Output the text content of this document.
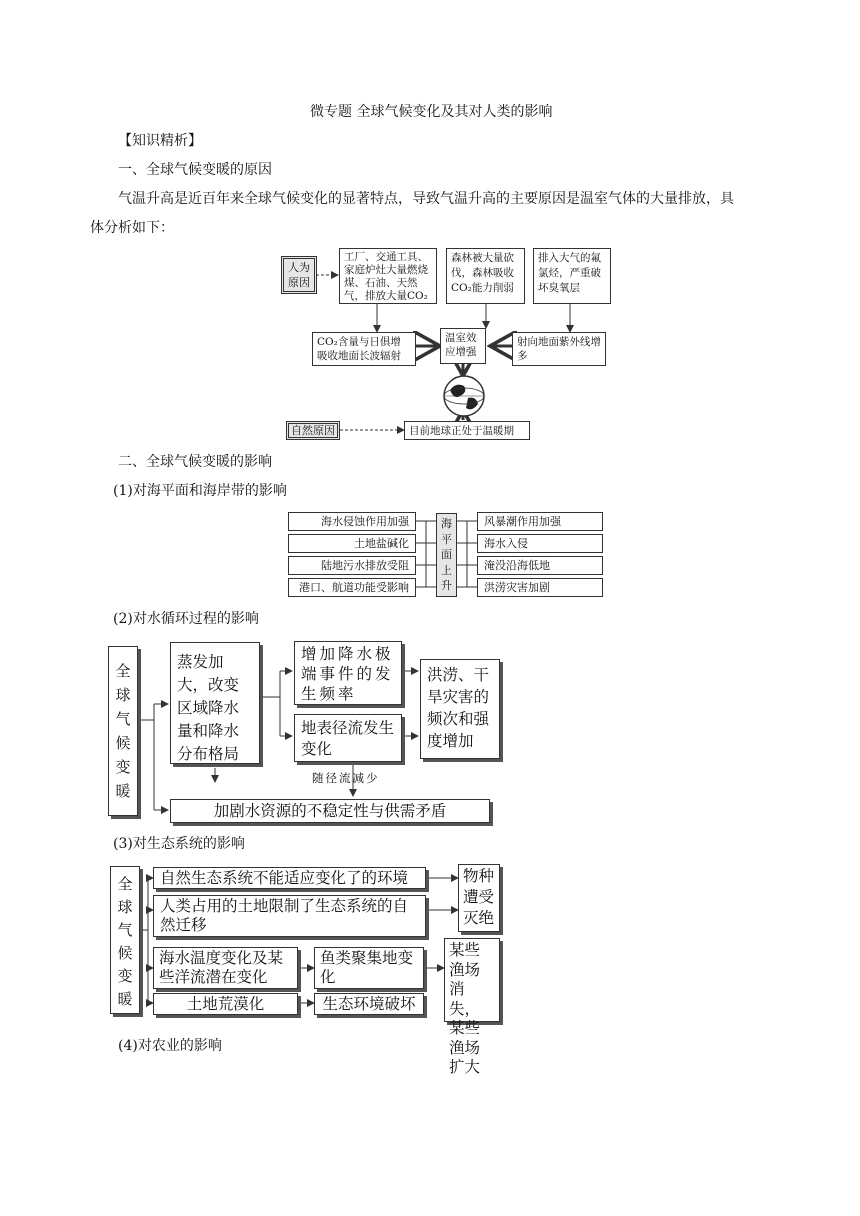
微专题 全球气候变化及其对人类的影响
【知识精析】
一、全球气候变暖的原因
气温升高是近百年来全球气候变化的显著特点，导致气温升高的主要原因是温室气体的大量排放，具
体分析如下：
人为原因
工厂、交通工具、家庭炉灶大量燃烧煤、石油、天然气，排放大量CO₂
森林被大量砍伐，森林吸收CO₂能力削弱
排入大气的氟氯烃，严重破坏臭氧层
CO₂含量与日俱增吸收地面长波辐射
温室效应增强
射向地面紫外线增多
自然原因	目前地球正处于温暖期
二、全球气候变暖的影响
(1)对海平面和海岸带的影响
海水侵蚀作用加强
土地盐碱化
陆地污水排放受阻
港口、航道功能受影响
海
平
面
上
升
风暴潮作用加强
海水入侵
淹没沿海低地
洪涝灾害加剧
(2)对水循环过程的影响
全
球
气
候
变
暖
蒸发加大，改变区域降水量和降水分布格局
增加降水极端事件的发生频率
地表径流发生变化
洪涝、干旱灾害的频次和强度增加
随径流减少
加剧水资源的不稳定性与供需矛盾
(3)对生态系统的影响
全
球
气
候
变
暖
自然生态系统不能适应变化了的环境
人类占用的土地限制了生态系统的自然迁移
物种遭受灭绝
海水温度变化及某些洋流潜在变化
鱼类聚集地变化
某些渔场消失，某些渔场扩大
土地荒漠化	生态环境破坏
(4)对农业的影响
